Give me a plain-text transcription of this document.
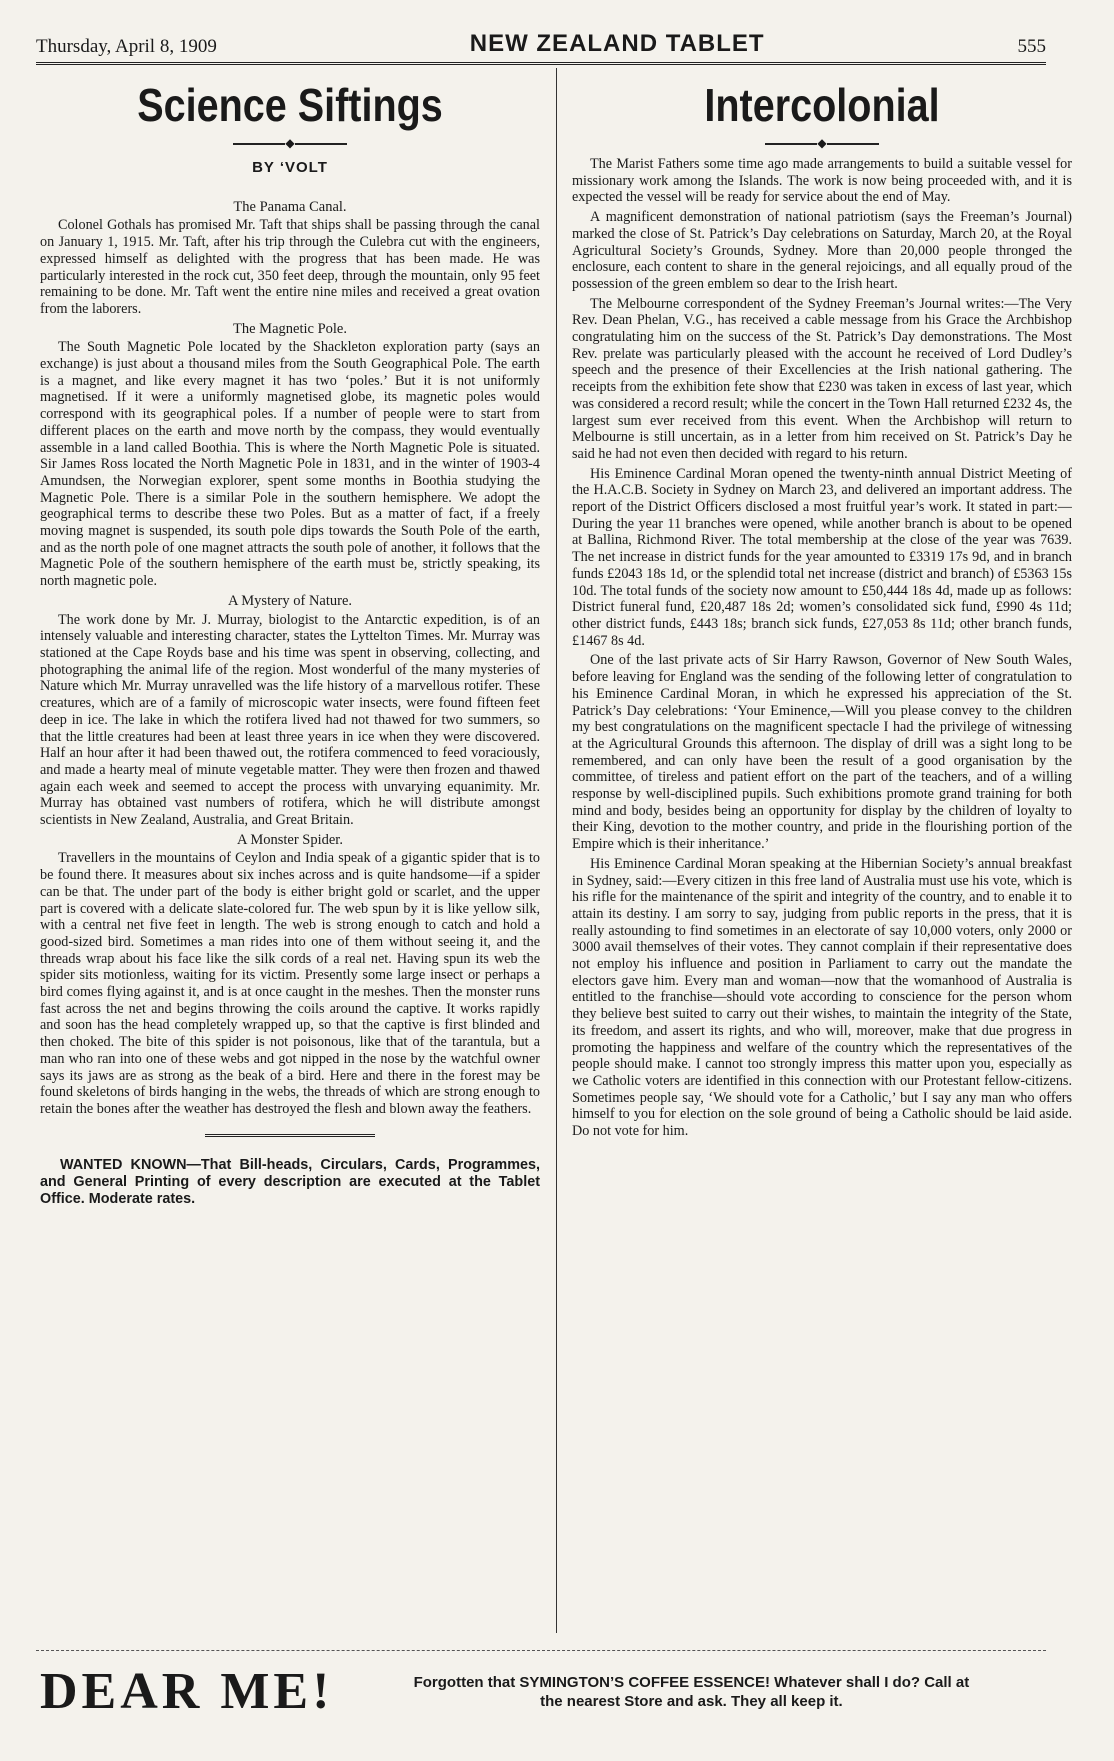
Thursday, April 8, 1909	NEW ZEALAND TABLET	555
Science Siftings
◆
BY ‘VOLT
The Panama Canal.

Colonel Gothals has promised Mr. Taft that ships shall be passing through the canal on January 1, 1915. Mr. Taft, after his trip through the Culebra cut with the engineers, expressed himself as delighted with the progress that has been made. He was particularly interested in the rock cut, 350 feet deep, through the mountain, only 95 feet remaining to be done. Mr. Taft went the entire nine miles and received a great ovation from the laborers.

The Magnetic Pole.

The South Magnetic Pole located by the Shackleton exploration party (says an exchange) is just about a thousand miles from the South Geographical Pole. The earth is a magnet, and like every magnet it has two ‘poles.’ But it is not uniformly magnetised. If it were a uniformly magnetised globe, its magnetic poles would correspond with its geographical poles. If a number of people were to start from different places on the earth and move north by the compass, they would eventually assemble in a land called Boothia. This is where the North Magnetic Pole is situated. Sir James Ross located the North Magnetic Pole in 1831, and in the winter of 1903-4 Amundsen, the Norwegian explorer, spent some months in Boothia studying the Magnetic Pole. There is a similar Pole in the southern hemisphere. We adopt the geographical terms to describe these two Poles. But as a matter of fact, if a freely moving magnet is suspended, its south pole dips towards the South Pole of the earth, and as the north pole of one magnet attracts the south pole of another, it follows that the Magnetic Pole of the southern hemisphere of the earth must be, strictly speaking, its north magnetic pole.

A Mystery of Nature.

The work done by Mr. J. Murray, biologist to the Antarctic expedition, is of an intensely valuable and interesting character, states the Lyttelton Times. Mr. Murray was stationed at the Cape Royds base and his time was spent in observing, collecting, and photographing the animal life of the region. Most wonderful of the many mysteries of Nature which Mr. Murray unravelled was the life history of a marvellous rotifer. These creatures, which are of a family of microscopic water insects, were found fifteen feet deep in ice. The lake in which the rotifera lived had not thawed for two summers, so that the little creatures had been at least three years in ice when they were discovered. Half an hour after it had been thawed out, the rotifera commenced to feed voraciously, and made a hearty meal of minute vegetable matter. They were then frozen and thawed again each week and seemed to accept the process with unvarying equanimity. Mr. Murray has obtained vast numbers of rotifera, which he will distribute amongst scientists in New Zealand, Australia, and Great Britain.

A Monster Spider.

Travellers in the mountains of Ceylon and India speak of a gigantic spider that is to be found there. It measures about six inches across and is quite handsome—if a spider can be that. The under part of the body is either bright gold or scarlet, and the upper part is covered with a delicate slate-colored fur. The web spun by it is like yellow silk, with a central net five feet in length. The web is strong enough to catch and hold a good-sized bird. Sometimes a man rides into one of them without seeing it, and the threads wrap about his face like the silk cords of a real net. Having spun its web the spider sits motionless, waiting for its victim. Presently some large insect or perhaps a bird comes flying against it, and is at once caught in the meshes. Then the monster runs fast across the net and begins throwing the coils around the captive. It works rapidly and soon has the head completely wrapped up, so that the captive is first blinded and then choked. The bite of this spider is not poisonous, like that of the tarantula, but a man who ran into one of these webs and got nipped in the nose by the watchful owner says its jaws are as strong as the beak of a bird. Here and there in the forest may be found skeletons of birds hanging in the webs, the threads of which are strong enough to retain the bones after the weather has destroyed the flesh and blown away the feathers.

WANTED KNOWN—That Bill-heads, Circulars, Cards, Programmes, and General Printing of every description are executed at the Tablet Office. Moderate rates.
Intercolonial
◆

The Marist Fathers some time ago made arrangements to build a suitable vessel for missionary work among the Islands. The work is now being proceeded with, and it is expected the vessel will be ready for service about the end of May.

A magnificent demonstration of national patriotism (says the Freeman’s Journal) marked the close of St. Patrick’s Day celebrations on Saturday, March 20, at the Royal Agricultural Society’s Grounds, Sydney. More than 20,000 people thronged the enclosure, each content to share in the general rejoicings, and all equally proud of the possession of the green emblem so dear to the Irish heart.

The Melbourne correspondent of the Sydney Freeman’s Journal writes:—The Very Rev. Dean Phelan, V.G., has received a cable message from his Grace the Archbishop congratulating him on the success of the St. Patrick’s Day demonstrations. The Most Rev. prelate was particularly pleased with the account he received of Lord Dudley’s speech and the presence of their Excellencies at the Irish national gathering. The receipts from the exhibition fete show that £230 was taken in excess of last year, which was considered a record result; while the concert in the Town Hall returned £232 4s, the largest sum ever received from this event. When the Archbishop will return to Melbourne is still uncertain, as in a letter from him received on St. Patrick’s Day he said he had not even then decided with regard to his return.

His Eminence Cardinal Moran opened the twenty-ninth annual District Meeting of the H.A.C.B. Society in Sydney on March 23, and delivered an important address. The report of the District Officers disclosed a most fruitful year’s work. It stated in part:—During the year 11 branches were opened, while another branch is about to be opened at Ballina, Richmond River. The total membership at the close of the year was 7639. The net increase in district funds for the year amounted to £3319 17s 9d, and in branch funds £2043 18s 1d, or the splendid total net increase (district and branch) of £5363 15s 10d. The total funds of the society now amount to £50,444 18s 4d, made up as follows: District funeral fund, £20,487 18s 2d; women’s consolidated sick fund, £990 4s 11d; other district funds, £443 18s; branch sick funds, £27,053 8s 11d; other branch funds, £1467 8s 4d.

One of the last private acts of Sir Harry Rawson, Governor of New South Wales, before leaving for England was the sending of the following letter of congratulation to his Eminence Cardinal Moran, in which he expressed his appreciation of the St. Patrick’s Day celebrations: ‘Your Eminence,—Will you please convey to the children my best congratulations on the magnificent spectacle I had the privilege of witnessing at the Agricultural Grounds this afternoon. The display of drill was a sight long to be remembered, and can only have been the result of a good organisation by the committee, of tireless and patient effort on the part of the teachers, and of a willing response by well-disciplined pupils. Such exhibitions promote grand training for both mind and body, besides being an opportunity for display by the children of loyalty to their King, devotion to the mother country, and pride in the flourishing portion of the Empire which is their inheritance.’

His Eminence Cardinal Moran speaking at the Hibernian Society’s annual breakfast in Sydney, said:—Every citizen in this free land of Australia must use his vote, which is his rifle for the maintenance of the spirit and integrity of the country, and to enable it to attain its destiny. I am sorry to say, judging from public reports in the press, that it is really astounding to find sometimes in an electorate of say 10,000 voters, only 2000 or 3000 avail themselves of their votes. They cannot complain if their representative does not employ his influence and position in Parliament to carry out the mandate the electors gave him. Every man and woman—now that the womanhood of Australia is entitled to the franchise—should vote according to conscience for the person whom they believe best suited to carry out their wishes, to maintain the integrity of the State, its freedom, and assert its rights, and who will, moreover, make that due progress in promoting the happiness and welfare of the country which the representatives of the people should make. I cannot too strongly impress this matter upon you, especially as we Catholic voters are identified in this connection with our Protestant fellow-citizens. Sometimes people say, ‘We should vote for a Catholic,’ but I say any man who offers himself to you for election on the sole ground of being a Catholic should be laid aside. Do not vote for him.

DEAR ME!	Forgotten that SYMINGTON’S COFFEE ESSENCE! Whatever shall I do? Call at
the nearest Store and ask. They all keep it.
